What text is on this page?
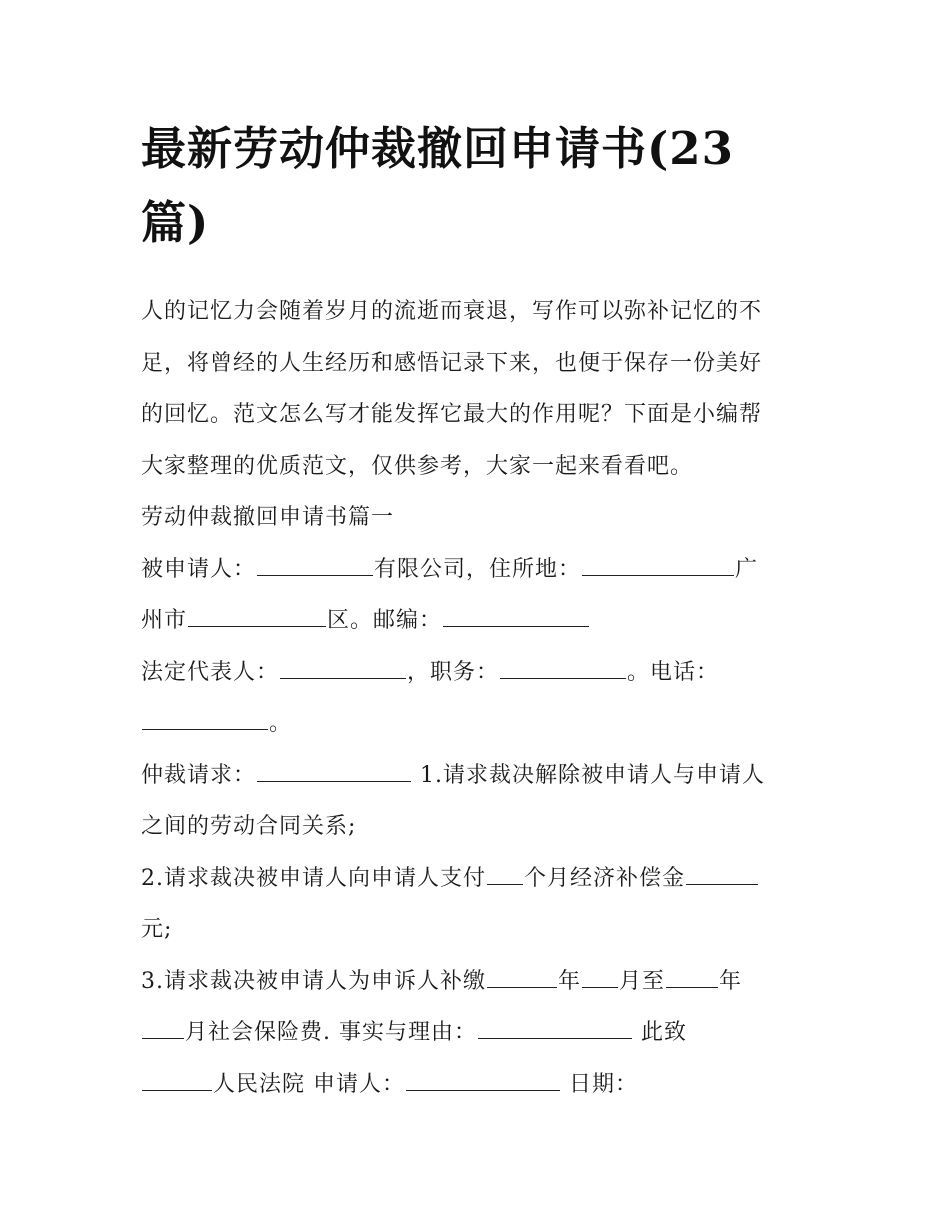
最新劳动仲裁撤回申请书(23
篇)
人的记忆力会随着岁月的流逝而衰退，写作可以弥补记忆的不
足，将曾经的人生经历和感悟记录下来，也便于保存一份美好
的回忆。范文怎么写才能发挥它最大的作用呢？下面是小编帮
大家整理的优质范文，仅供参考，大家一起来看看吧。
劳动仲裁撤回申请书篇一
被申请人：	有限公司，住所地：	广
州市	区。邮编：
法定代表人：	，职务：	。电话：
。
仲裁请求：	1.请求裁决解除被申请人与申请人
之间的劳动合同关系;
2.请求裁决被申请人向申请人支付 个月经济补偿金
元;
3.请求裁决被申请人为申诉人补缴	年 月至 年
月社会保险费. 事实与理由：	此致
人民法院 申请人：	日期：
